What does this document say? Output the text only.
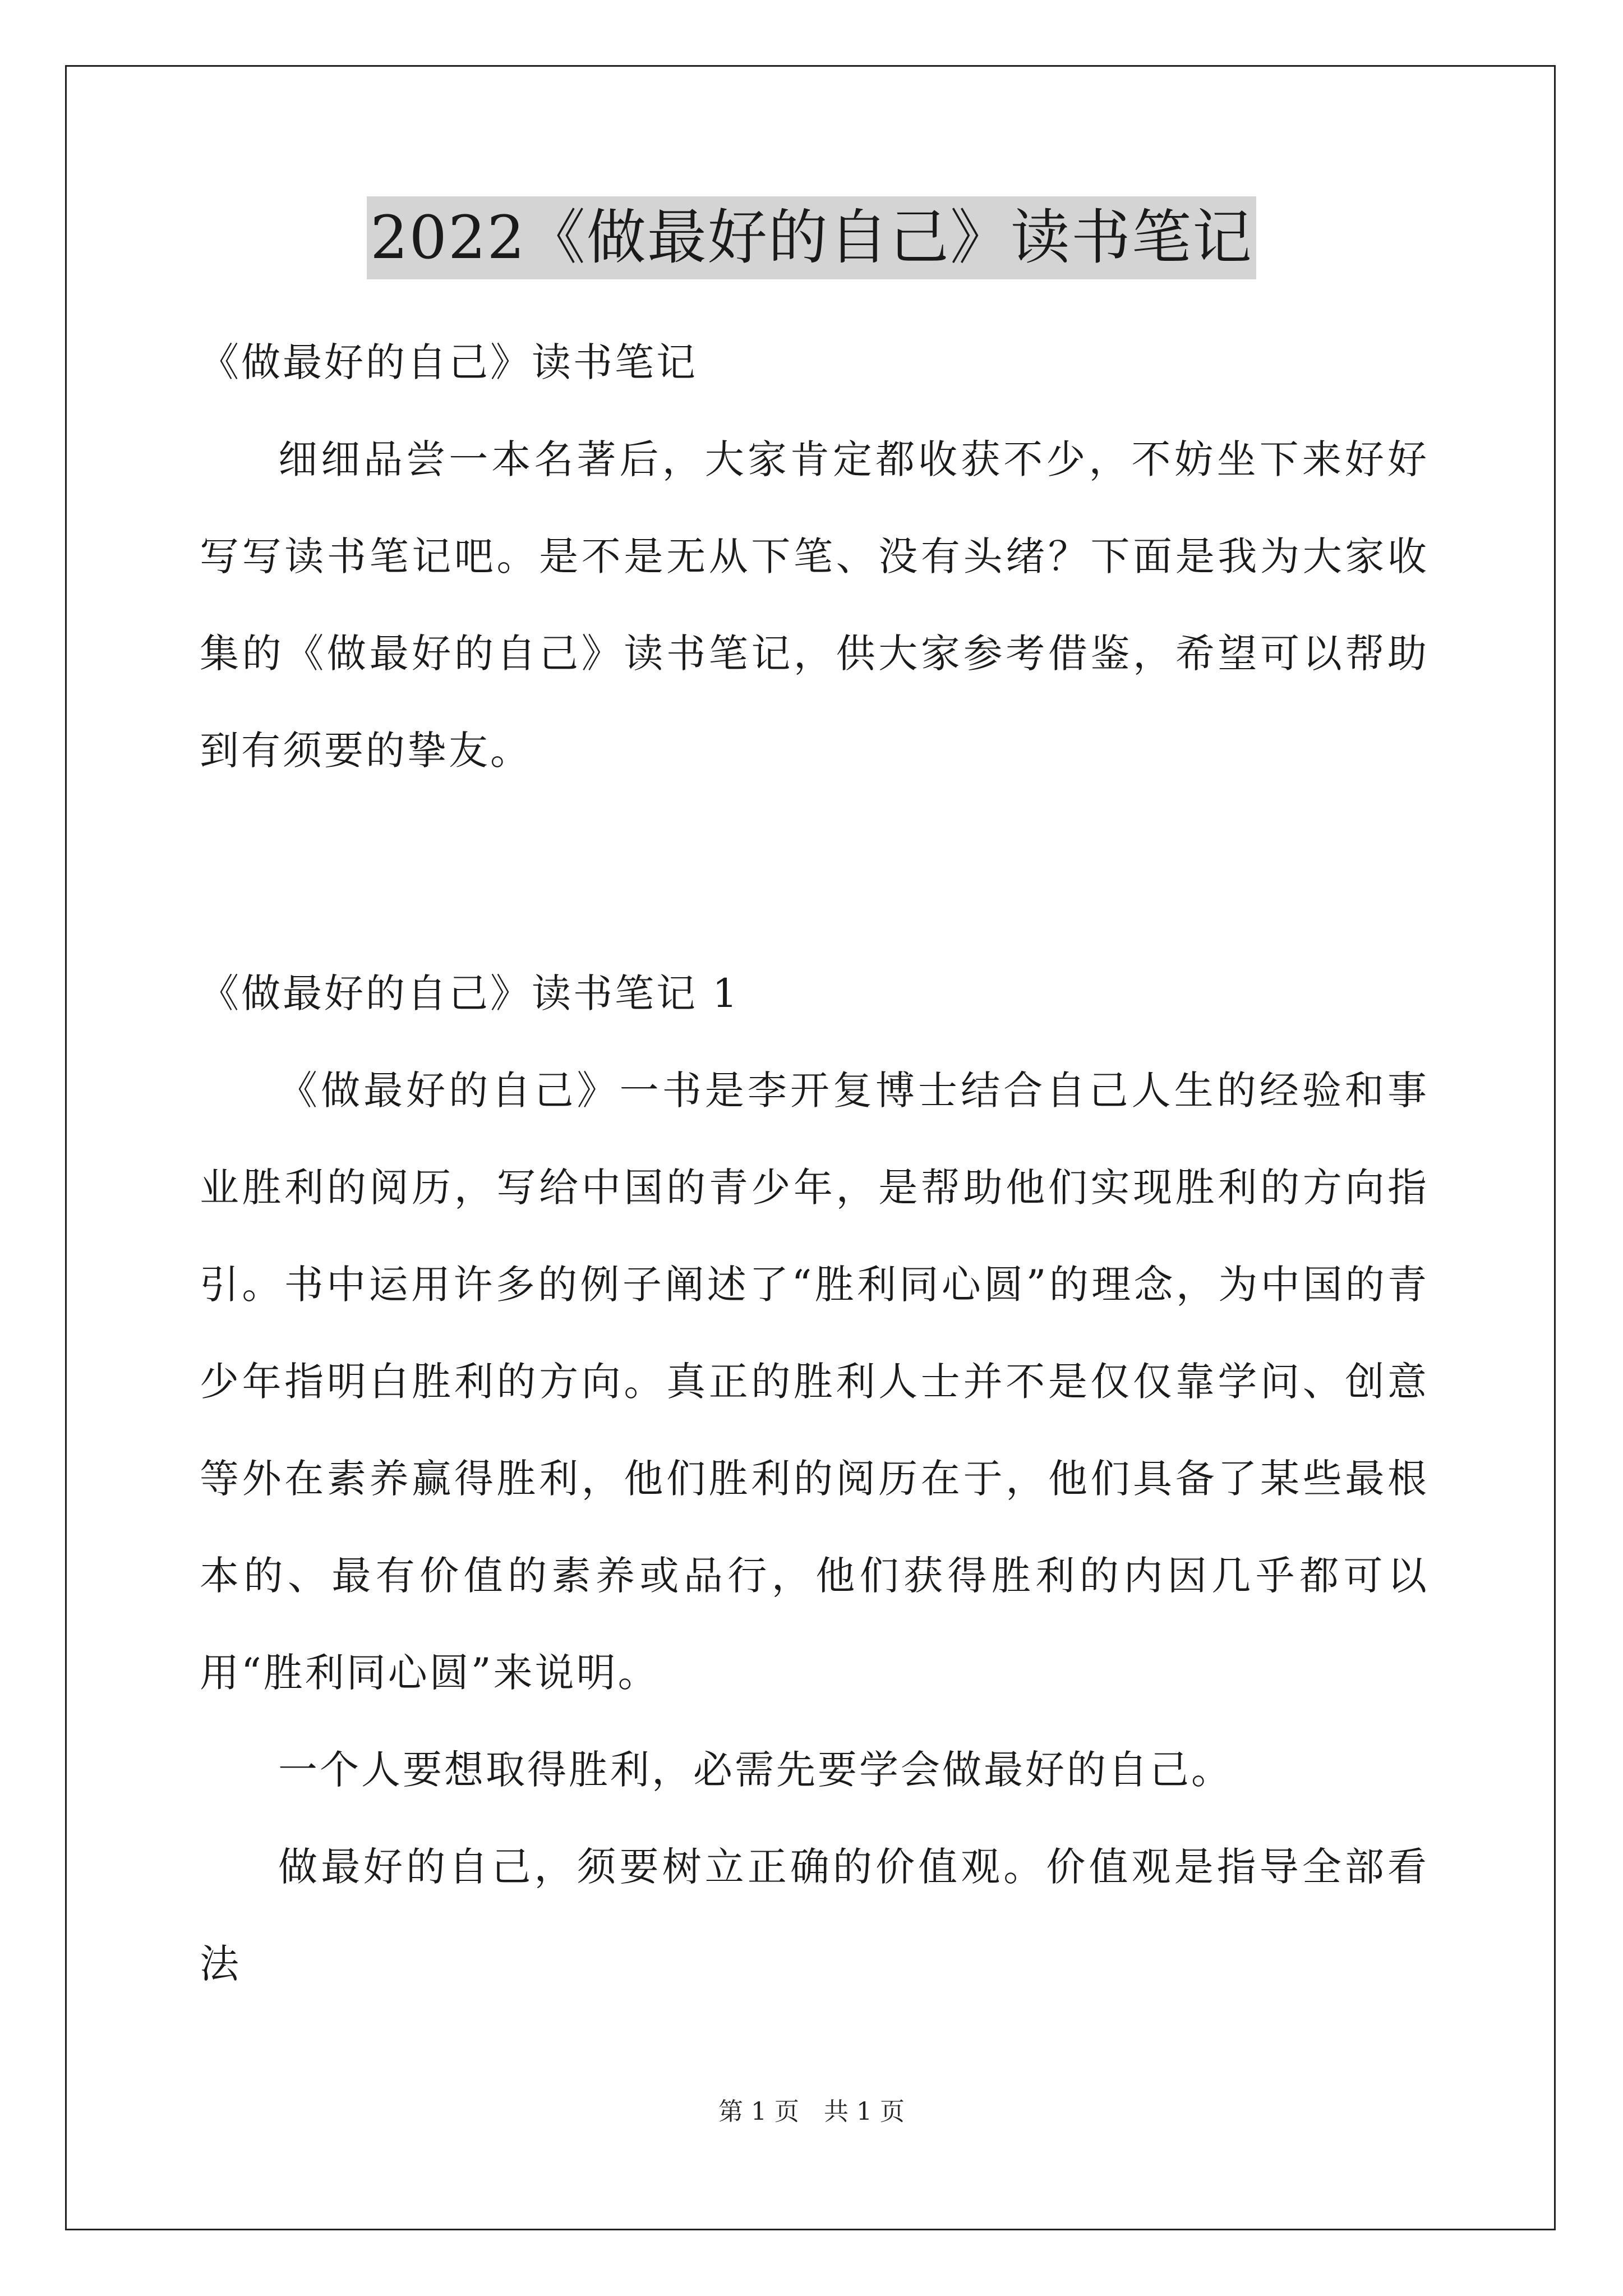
2022《做最好的自己》读书笔记

《做最好的自己》读书笔记

细细品尝一本名著后，大家肯定都收获不少，不妨坐下来好好写写读书笔记吧。是不是无从下笔、没有头绪？下面是我为大家收集的《做最好的自己》读书笔记，供大家参考借鉴，希望可以帮助到有须要的挚友。

《做最好的自己》读书笔记 1

《做最好的自己》一书是李开复博士结合自己人生的经验和事业胜利的阅历，写给中国的青少年，是帮助他们实现胜利的方向指引。书中运用许多的例子阐述了“胜利同心圆”的理念，为中国的青少年指明白胜利的方向。真正的胜利人士并不是仅仅靠学问、创意等外在素养赢得胜利，他们胜利的阅历在于，他们具备了某些最根本的、最有价值的素养或品行，他们获得胜利的内因几乎都可以用“胜利同心圆”来说明。

一个人要想取得胜利，必需先要学会做最好的自己。

做最好的自己，须要树立正确的价值观。价值观是指导全部看法

第 1 页 共 1 页
